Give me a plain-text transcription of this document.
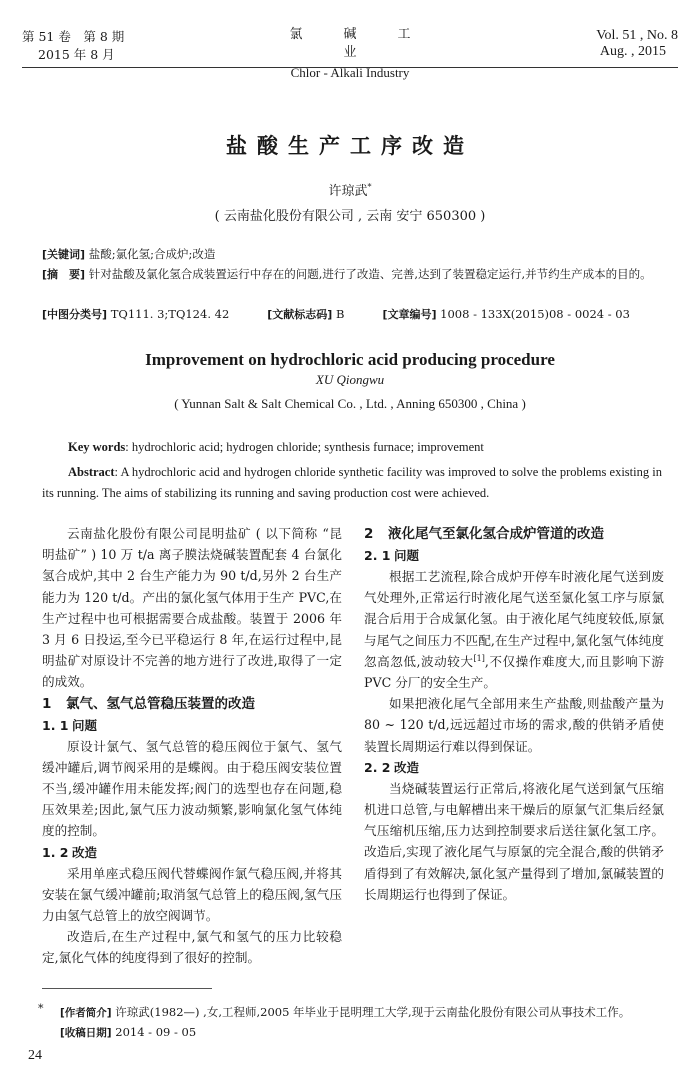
第 51 卷　第 8 期
2015 年 8 月
氯　碱　工　业
Chlor - Alkali Industry
Vol. 51 , No. 8
Aug. , 2015
盐酸生产工序改造
许琼武*
( 云南盐化股份有限公司 , 云南 安宁 650300 )
[关键词] 盐酸;氯化氢;合成炉;改造
[摘　要] 针对盐酸及氯化氢合成装置运行中存在的问题,进行了改造、完善,达到了装置稳定运行,并节约生产成本的目的。
[中图分类号] TQ111. 3;TQ124. 42	[文献标志码] B	[文章编号] 1008 - 133X(2015)08 - 0024 - 03
Improvement on hydrochloric acid producing procedure
XU Qiongwu
( Yunnan Salt & Salt Chemical Co. , Ltd. , Anning 650300 , China )
Key words: hydrochloric acid; hydrogen chloride; synthesis furnace; improvement
Abstract: A hydrochloric acid and hydrogen chloride synthetic facility was improved to solve the problems existing in its running. The aims of stabilizing its running and saving production cost were achieved.

云南盐化股份有限公司昆明盐矿 ( 以下简称 “昆明盐矿” ) 10 万 t/a 离子膜法烧碱装置配套 4 台氯化氢合成炉,其中 2 台生产能力为 90 t/d,另外 2 台生产能力为 120 t/d。产出的氯化氢气体用于生产 PVC,在生产过程中也可根据需要合成盐酸。装置于 2006 年 3 月 6 日投运,至今已平稳运行 8 年,在运行过程中,昆明盐矿对原设计不完善的地方进行了改进,取得了一定的成效。

1 氯气、氢气总管稳压装置的改造
1. 1 问题

原设计氯气、氢气总管的稳压阀位于氯气、氢气缓冲罐后,调节阀采用的是蝶阀。由于稳压阀安装位置不当,缓冲罐作用未能发挥;阀门的选型也存在问题,稳压效果差;因此,氯气压力波动频繁,影响氯化氢气体纯度的控制。

1. 2 改造

采用单座式稳压阀代替蝶阀作氯气稳压阀,并将其安装在氯气缓冲罐前;取消氢气总管上的稳压阀,氢气压力由氢气总管上的放空阀调节。

改造后,在生产过程中,氯气和氢气的压力比较稳定,氯化气体的纯度得到了很好的控制。

2 液化尾气至氯化氢合成炉管道的改造
2. 1 问题

根据工艺流程,除合成炉开停车时液化尾气送到废气处理外,正常运行时液化尾气送至氯化氢工序与原氯混合后用于合成氯化氢。由于液化尾气纯度较低,原氯与尾气之间压力不匹配,在生产过程中,氯化氢气体纯度忽高忽低,波动较大[1],不仅操作难度大,而且影响下游 PVC 分厂的安全生产。

如果把液化尾气全部用来生产盐酸,则盐酸产量为 80 ~ 120 t/d,远远超过市场的需求,酸的供销矛盾使装置长周期运行难以得到保证。

2. 2 改造

当烧碱装置运行正常后,将液化尾气送到氯气压缩机进口总管,与电解槽出来干燥后的原氯气汇集后经氯气压缩机压缩,压力达到控制要求后送往氯化氢工序。改造后,实现了液化尾气与原氯的完全混合,酸的供销矛盾得到了有效解决,氯化氢产量得到了增加,氯碱装置的长周期运行也得到了保证。

*	[作者简介] 许琼武(1982—) ,女,工程师,2005 年毕业于昆明理工大学,现于云南盐化股份有限公司从事技术工作。
[收稿日期] 2014 - 09 - 05
24
